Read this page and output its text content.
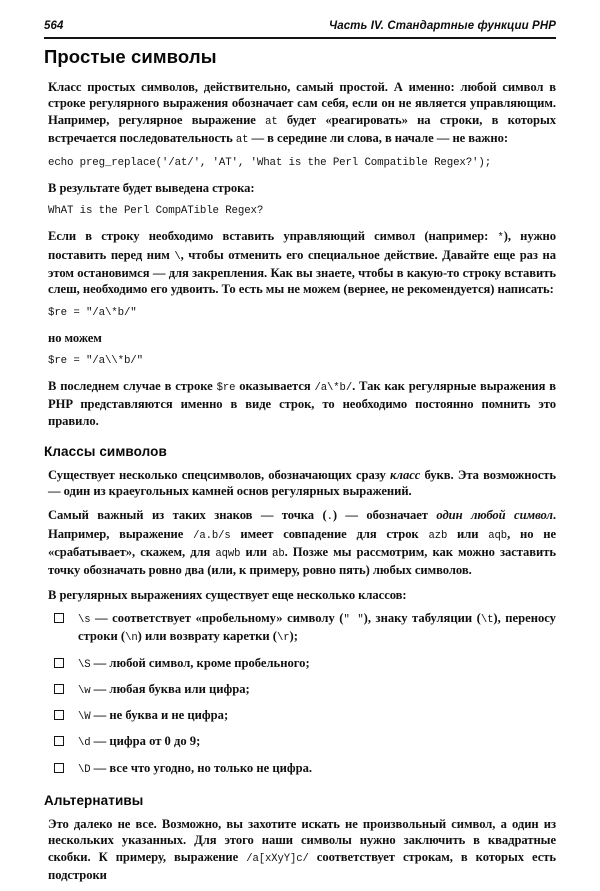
564	Часть IV. Стандартные функции PHP
Простые символы

Класс простых символов, действительно, самый простой. А именно: любой символ в строке регулярного выражения обозначает сам себя, если он не является управляющим. Например, регулярное выражение at будет «реагировать» на строки, в которых встречается последовательность at — в середине ли слова, в начале — не важно:

echo preg_replace('/at/', 'AT', 'What is the Perl Compatible Regex?');

В результате будет выведена строка:

WhAT is the Perl CompATible Regex?

Если в строку необходимо вставить управляющий символ (например: *), нужно поставить перед ним \, чтобы отменить его специальное действие. Давайте еще раз на этом остановимся — для закрепления. Как вы знаете, чтобы в какую-то строку вставить слеш, необходимо его удвоить. То есть мы не можем (вернее, не рекомендуется) написать:

$re = "/a\*b/"

но можем

$re = "/a\\*b/"

В последнем случае в строке $re оказывается /a\*b/. Так как регулярные выражения в PHP представляются именно в виде строк, то необходимо постоянно помнить это правило.

Классы символов

Существует несколько спецсимволов, обозначающих сразу класс букв. Эта возможность — один из краеугольных камней основ регулярных выражений.

Самый важный из таких знаков — точка (.) — обозначает один любой символ. Например, выражение /a.b/s имеет совпадение для строк azb или aqb, но не «срабатывает», скажем, для aqwb или ab. Позже мы рассмотрим, как можно заставить точку обозначать ровно два (или, к примеру, ровно пять) любых символов.

В регулярных выражениях существует еще несколько классов:

\s — соответствует «пробельному» символу (" "), знаку табуляции (\t), переносу строки (\n) или возврату каретки (\r);
\S — любой символ, кроме пробельного;
\w — любая буква или цифра;
\W — не буква и не цифра;
\d — цифра от 0 до 9;
\D — все что угодно, но только не цифра.
Альтернативы

Это далеко не все. Возможно, вы захотите искать не произвольный символ, а один из нескольких указанных. Для этого наши символы нужно заключить в квадратные скобки. К примеру, выражение /a[xXyY]c/ соответствует строкам, в которых есть подстроки
